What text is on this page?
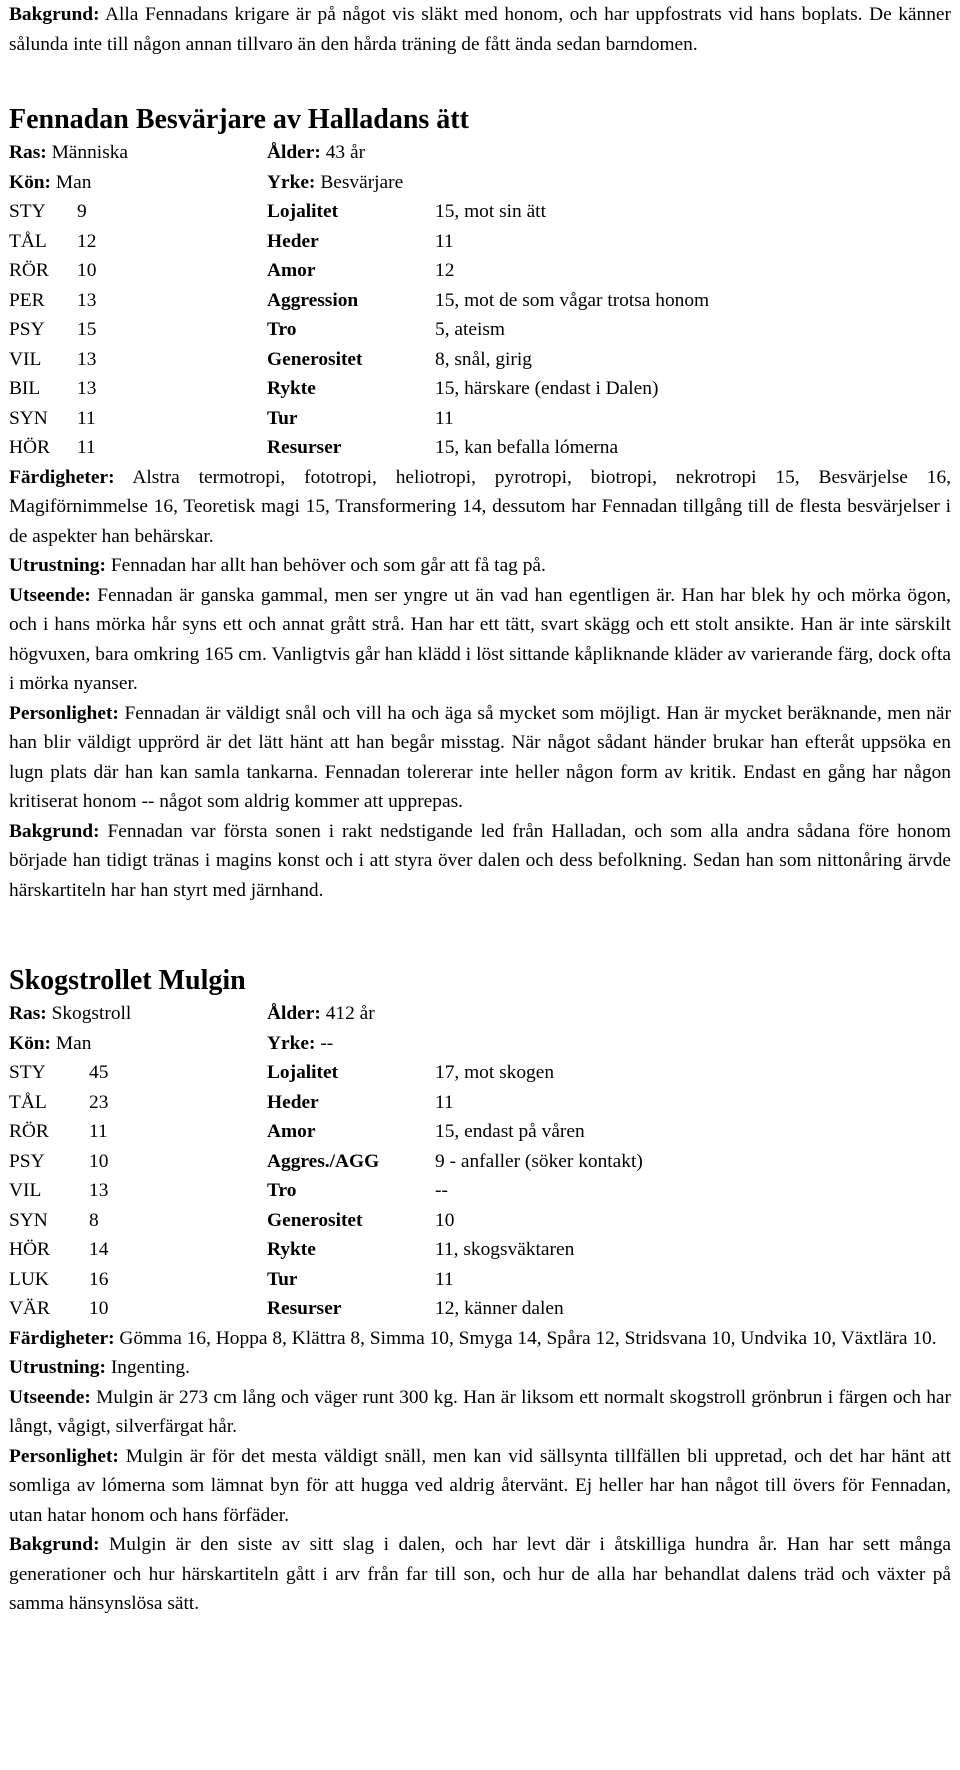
Bakgrund: Alla Fennadans krigare är på något vis släkt med honom, och har uppfostrats vid hans boplats. De känner sålunda inte till någon annan tillvaro än den hårda träning de fått ända sedan barndomen.

Fennadan Besvärjare av Halladans ätt
Ras: Människa	Ålder: 43 år
Kön: Man	Yrke: Besvärjare
STY	9	Lojalitet	15, mot sin ätt
TÅL	12	Heder	11
RÖR	10	Amor	12
PER	13	Aggression	15, mot de som vågar trotsa honom
PSY	15	Tro	5, ateism
VIL	13	Generositet	8, snål, girig
BIL	13	Rykte	15, härskare (endast i Dalen)
SYN	11	Tur	11
HÖR	11	Resurser	15, kan befalla lómerna

Färdigheter: Alstra termotropi, fototropi, heliotropi, pyrotropi, biotropi, nekrotropi 15, Besvärjelse 16, Magiförnimmelse 16, Teoretisk magi 15, Transformering 14, dessutom har Fennadan tillgång till de flesta besvärjelser i de aspekter han behärskar.

Utrustning: Fennadan har allt han behöver och som går att få tag på.

Utseende: Fennadan är ganska gammal, men ser yngre ut än vad han egentligen är. Han har blek hy och mörka ögon, och i hans mörka hår syns ett och annat grått strå. Han har ett tätt, svart skägg och ett stolt ansikte. Han är inte särskilt högvuxen, bara omkring 165 cm. Vanligtvis går han klädd i löst sittande kåpliknande kläder av varierande färg, dock ofta i mörka nyanser.

Personlighet: Fennadan är väldigt snål och vill ha och äga så mycket som möjligt. Han är mycket beräknande, men när han blir väldigt upprörd är det lätt hänt att han begår misstag. När något sådant händer brukar han efteråt uppsöka en lugn plats där han kan samla tankarna. Fennadan tolererar inte heller någon form av kritik. Endast en gång har någon kritiserat honom -- något som aldrig kommer att upprepas.

Bakgrund: Fennadan var första sonen i rakt nedstigande led från Halladan, och som alla andra sådana före honom började han tidigt tränas i magins konst och i att styra över dalen och dess befolkning. Sedan han som nittonåring ärvde härskartiteln har han styrt med järnhand.

Skogstrollet Mulgin
Ras: Skogstroll	Ålder: 412 år
Kön: Man	Yrke: --
STY	45	Lojalitet	17, mot skogen
TÅL	23	Heder	11
RÖR	11	Amor	15, endast på våren
PSY	10	Aggres./AGG	9 - anfaller (söker kontakt)
VIL	13	Tro	--
SYN	8	Generositet	10
HÖR	14	Rykte	11, skogsväktaren
LUK	16	Tur	11
VÄR	10	Resurser	12, känner dalen

Färdigheter: Gömma 16, Hoppa 8, Klättra 8, Simma 10, Smyga 14, Spåra 12, Stridsvana 10, Undvika 10, Växtlära 10.

Utrustning: Ingenting.

Utseende: Mulgin är 273 cm lång och väger runt 300 kg. Han är liksom ett normalt skogstroll grönbrun i färgen och har långt, vågigt, silverfärgat hår.

Personlighet: Mulgin är för det mesta väldigt snäll, men kan vid sällsynta tillfällen bli uppretad, och det har hänt att somliga av lómerna som lämnat byn för att hugga ved aldrig återvänt. Ej heller har han något till övers för Fennadan, utan hatar honom och hans förfäder.

Bakgrund: Mulgin är den siste av sitt slag i dalen, och har levt där i åtskilliga hundra år. Han har sett många generationer och hur härskartiteln gått i arv från far till son, och hur de alla har behandlat dalens träd och växter på samma hänsynslösa sätt.
